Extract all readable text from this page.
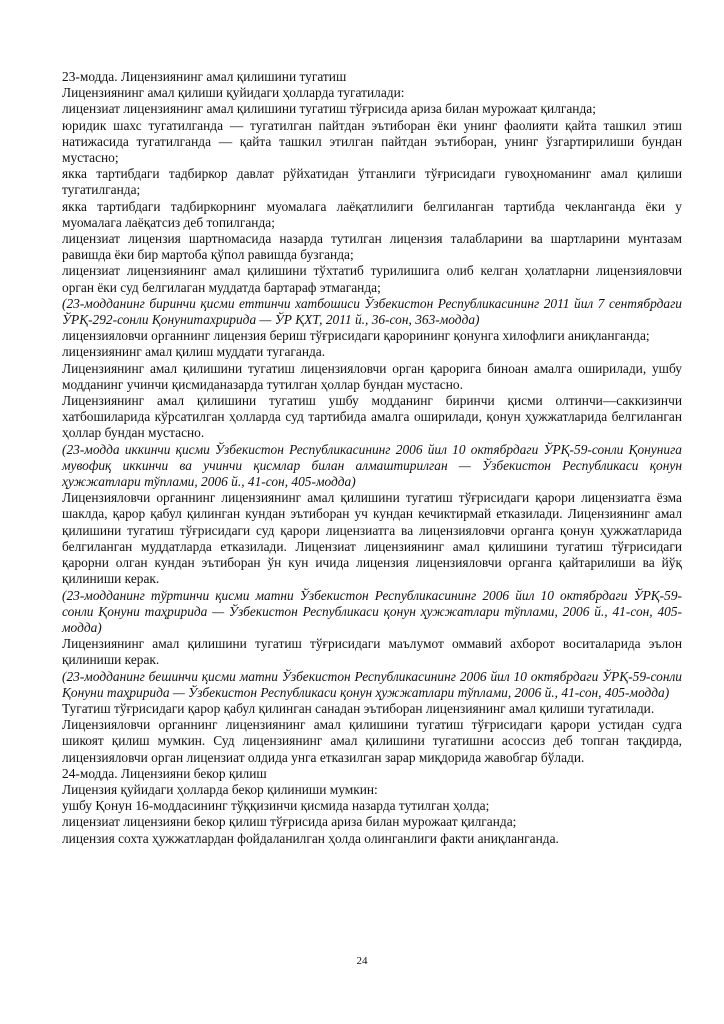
23-модда. Лицензиянинг амал қилишини тугатиш

Лицензиянинг амал қилиши қуйидаги ҳолларда тугатилади:

лицензиат лицензиянинг амал қилишини тугатиш тўғрисида ариза билан мурожаат қилганда;

юридик шахс тугатилганда — тугатилган пайтдан эътиборан ёки унинг фаолияти қайта ташкил этиш натижасида тугатилганда — қайта ташкил этилган пайтдан эътиборан, унинг ўзгартирилиши бундан мустасно;

якка тартибдаги тадбиркор давлат рўйхатидан ўтганлиги тўғрисидаги гувоҳноманинг амал қилиши тугатилганда;

якка тартибдаги тадбиркорнинг муомалага лаёқатлилиги белгиланган тартибда чекланганда ёки у муомалага лаёқатсиз деб топилганда;

лицензиат лицензия шартномасида назарда тутилган лицензия талабларини ва шартларини мунтазам равишда ёки бир мартоба қўпол равишда бузганда;

лицензиат лицензиянинг амал қилишини тўхтатиб турилишига олиб келган ҳолатларни лицензияловчи орган ёки суд белгилаган муддатда бартараф этмаганда;

(23-модданинг биринчи қисми еттинчи хатбошиси Ўзбекистон Республикасининг 2011 йил 7 сентябрдаги ЎРҚ-292-сонли Қонунитахририда — ЎР ҚХТ, 2011 й., 36-сон, 363-модда)

лицензияловчи органнинг лицензия бериш тўғрисидаги қарорининг қонунга хилофлиги аниқланганда;

лицензиянинг амал қилиш муддати тугаганда.

Лицензиянинг амал қилишини тугатиш лицензияловчи орган қарорига биноан амалга оширилади, ушбу модданинг учинчи қисмиданазарда тутилган ҳоллар бундан мустасно.

Лицензиянинг амал қилишини тугатиш ушбу модданинг биринчи қисми олтинчи—саккизинчи хатбошиларида кўрсатилган ҳолларда суд тартибида амалга оширилади, қонун ҳужжатларида белгиланган ҳоллар бундан мустасно.

(23-модда иккинчи қисми Ўзбекистон Республикасининг 2006 йил 10 октябрдаги ЎРҚ-59-сонли Қонунига мувофиқ иккинчи ва учинчи қисмлар билан алмаштирилган — Ўзбекистон Республикаси қонун ҳужжатлари тўплами, 2006 й., 41-сон, 405-модда)

Лицензияловчи органнинг лицензиянинг амал қилишини тугатиш тўғрисидаги қарори лицензиатга ёзма шаклда, қарор қабул қилинган кундан эътиборан уч кундан кечиктирмай етказилади. Лицензиянинг амал қилишини тугатиш тўғрисидаги суд қарори лицензиатга ва лицензияловчи органга қонун ҳужжатларида белгиланган муддатларда етказилади. Лицензиат лицензиянинг амал қилишини тугатиш тўғрисидаги қарорни олган кундан эътиборан ўн кун ичида лицензия лицензияловчи органга қайтарилиши ва йўқ қилиниши керак.

(23-модданинг тўртинчи қисми матни Ўзбекистон Республикасининг 2006 йил 10 октябрдаги ЎРҚ-59-сонли Қонуни таҳририда — Ўзбекистон Республикаси қонун ҳужжатлари тўплами, 2006 й., 41-сон, 405-модда)

Лицензиянинг амал қилишини тугатиш тўғрисидаги маълумот оммавий ахборот воситаларида эълон қилиниши керак.

(23-модданинг бешинчи қисми матни Ўзбекистон Республикасининг 2006 йил 10 октябрдаги ЎРҚ-59-сонли Қонуни таҳририда — Ўзбекистон Республикаси қонун ҳужжатлари тўплами, 2006 й., 41-сон, 405-модда)

Тугатиш тўғрисидаги қарор қабул қилинган санадан эътиборан лицензиянинг амал қилиши тугатилади.

Лицензияловчи органнинг лицензиянинг амал қилишини тугатиш тўғрисидаги қарори устидан судга шикоят қилиш мумкин. Суд лицензиянинг амал қилишини тугатишни асоссиз деб топган тақдирда, лицензияловчи орган лицензиат олдида унга етказилган зарар миқдорида жавобгар бўлади.

24-модда. Лицензияни бекор қилиш

Лицензия қуйидаги ҳолларда бекор қилиниши мумкин:

ушбу Қонун 16-моддасининг тўққизинчи қисмида назарда тутилган ҳолда;

лицензиат лицензияни бекор қилиш тўғрисида ариза билан мурожаат қилганда;

лицензия сохта ҳужжатлардан фойдаланилган ҳолда олинганлиги факти аниқланганда.

24
